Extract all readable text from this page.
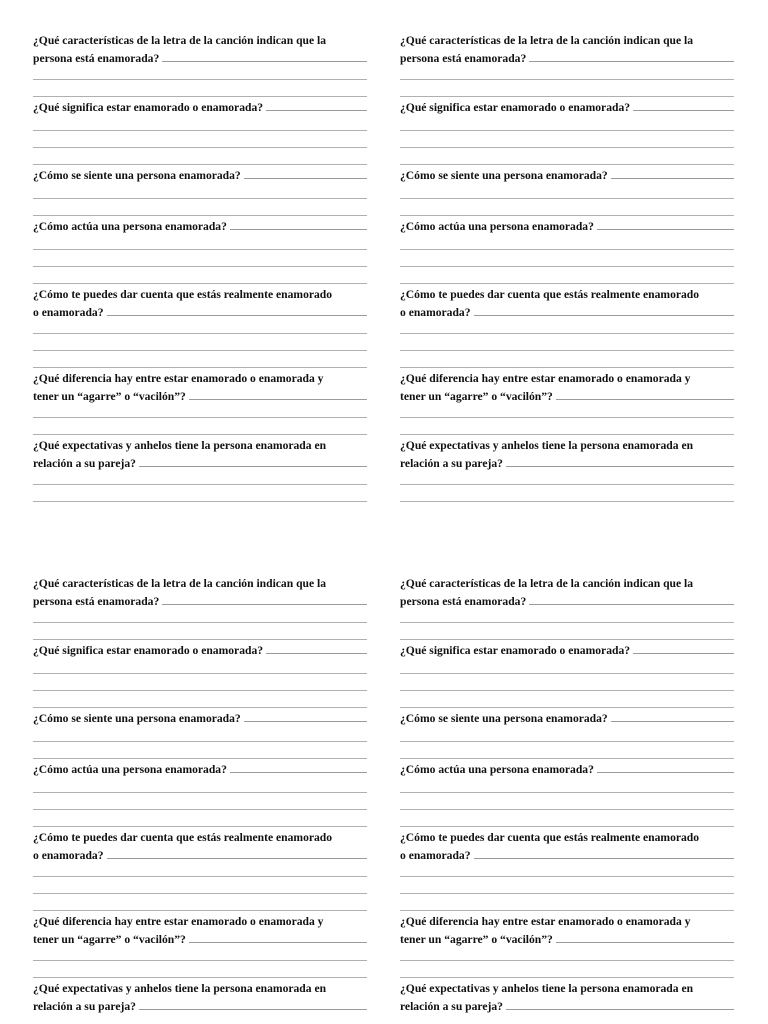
¿Qué características de la letra de la canción indican que la
persona está enamorada?
¿Qué significa estar enamorado o enamorada?
¿Cómo se siente una persona enamorada?
¿Cómo actúa una persona enamorada?
¿Cómo te puedes dar cuenta que estás realmente enamorado
o enamorada?
¿Qué diferencia hay entre estar enamorado o enamorada y
tener un “agarre” o “vacilón”?
¿Qué expectativas y anhelos tiene la persona enamorada en
relación a su pareja?
¿Qué características de la letra de la canción indican que la
persona está enamorada?
¿Qué significa estar enamorado o enamorada?
¿Cómo se siente una persona enamorada?
¿Cómo actúa una persona enamorada?
¿Cómo te puedes dar cuenta que estás realmente enamorado
o enamorada?
¿Qué diferencia hay entre estar enamorado o enamorada y
tener un “agarre” o “vacilón”?
¿Qué expectativas y anhelos tiene la persona enamorada en
relación a su pareja?
¿Qué características de la letra de la canción indican que la
persona está enamorada?
¿Qué significa estar enamorado o enamorada?
¿Cómo se siente una persona enamorada?
¿Cómo actúa una persona enamorada?
¿Cómo te puedes dar cuenta que estás realmente enamorado
o enamorada?
¿Qué diferencia hay entre estar enamorado o enamorada y
tener un “agarre” o “vacilón”?
¿Qué expectativas y anhelos tiene la persona enamorada en
relación a su pareja?
¿Qué características de la letra de la canción indican que la
persona está enamorada?
¿Qué significa estar enamorado o enamorada?
¿Cómo se siente una persona enamorada?
¿Cómo actúa una persona enamorada?
¿Cómo te puedes dar cuenta que estás realmente enamorado
o enamorada?
¿Qué diferencia hay entre estar enamorado o enamorada y
tener un “agarre” o “vacilón”?
¿Qué expectativas y anhelos tiene la persona enamorada en
relación a su pareja?
